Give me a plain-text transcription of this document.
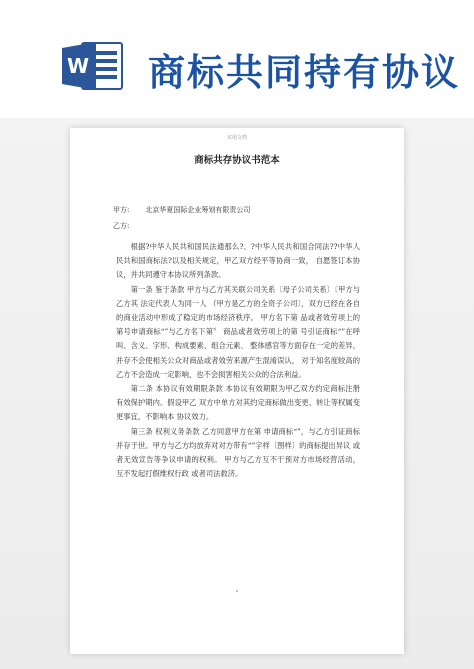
W 商标共同持有协议
实用文档
商标共存协议书范本
甲方: 北京华夏国际企业筹划有限责公司
乙方:

根据?中华人民共和国民法通那么?、?中华人民共和国合同法??中华人民共和国商标法?以及相关规定，甲乙双方经平等协商一致， 自愿签订本协议，并共同遵守本协议所列条款。

第一条 鉴于条款 甲方与乙方其关联公司关系〔母子公司关系〕〔甲方与乙方其 法定代表人为同一人 （甲方是乙方的全资子公司〕，双方已经在各自 的商业活动中形成了稳定的市场经济秩序。 甲方名下第 品或者效劳项上的第号申请商标“”与乙方名下第〞 商品或者效劳项上的第 号引证商标“”在呼叫、含义、字形、构成要素、组合元素、 整体感官等方面存在一定的差异， 并存不会使相关公众对商品或者效劳来源产生混淆误认， 对于知名度较高的乙方不会造成一定影响，也不会损害相关公众的合法利益。

第二条 本协议有效期限条款 本协议有效期限为甲乙双方约定商标注册有效保护期内。假设甲乙 双方中单方对其约定商标做出变更、转让等权属变更事宜，不影响本 协议效力。

第三条 权利义务条款 乙方同意甲方在第 申请商标“”，与乙方引证商标并存于世。甲方与乙方均放弃对对方带有“”字样〔图样〕的商标提出异议 或者无效宣告等争议申请的权利。 甲方与乙方互不干预对方市场经营活动， 互不发起打假维权行政 或者司法救济。
